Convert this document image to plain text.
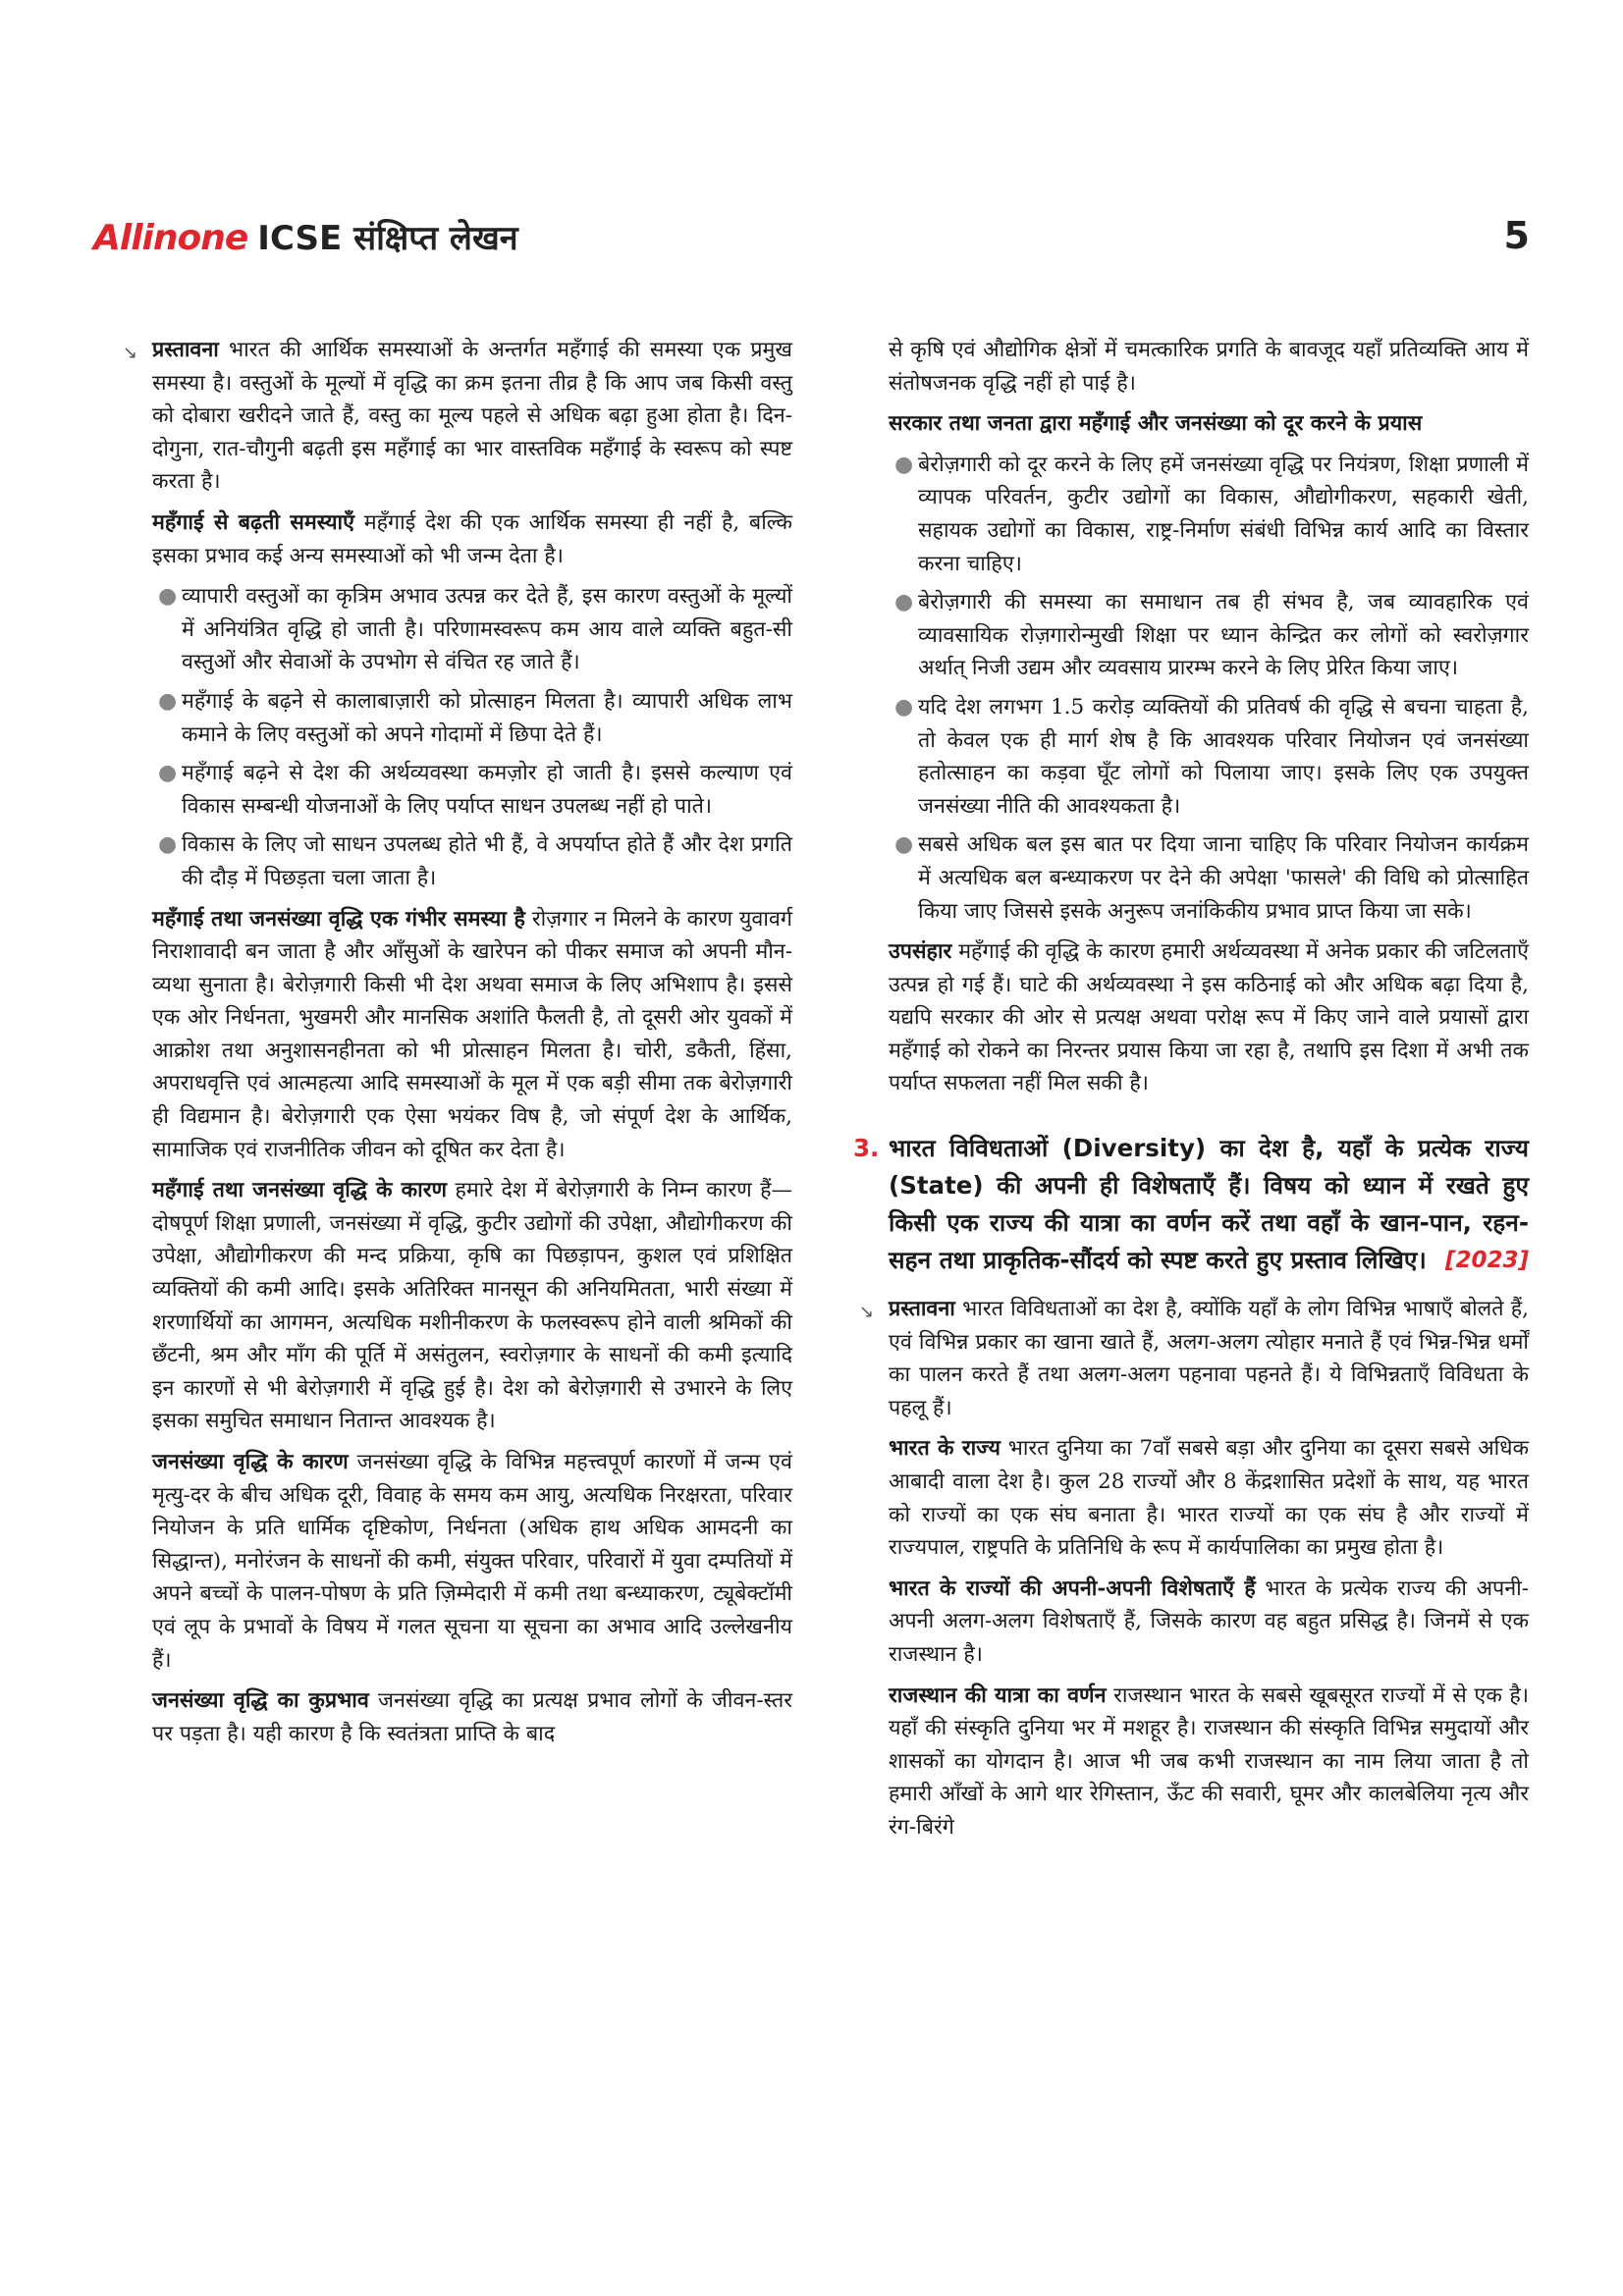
Allinone ICSE संक्षिप्त लेखन	5

↘ प्रस्तावना भारत की आर्थिक समस्याओं के अन्तर्गत महँगाई की समस्या एक प्रमुख समस्या है। वस्तुओं के मूल्यों में वृद्धि का क्रम इतना तीव्र है कि आप जब किसी वस्तु को दोबारा खरीदने जाते हैं, वस्तु का मूल्य पहले से अधिक बढ़ा हुआ होता है। दिन-दोगुना, रात-चौगुनी बढ़ती इस महँगाई का भार वास्तविक महँगाई के स्वरूप को स्पष्ट करता है।

महँगाई से बढ़ती समस्याएँ महँगाई देश की एक आर्थिक समस्या ही नहीं है, बल्कि इसका प्रभाव कई अन्य समस्याओं को भी जन्म देता है।

● व्यापारी वस्तुओं का कृत्रिम अभाव उत्पन्न कर देते हैं, इस कारण वस्तुओं के मूल्यों में अनियंत्रित वृद्धि हो जाती है। परिणामस्वरूप कम आय वाले व्यक्ति बहुत-सी वस्तुओं और सेवाओं के उपभोग से वंचित रह जाते हैं।
● महँगाई के बढ़ने से कालाबाज़ारी को प्रोत्साहन मिलता है। व्यापारी अधिक लाभ कमाने के लिए वस्तुओं को अपने गोदामों में छिपा देते हैं।
● महँगाई बढ़ने से देश की अर्थव्यवस्था कमज़ोर हो जाती है। इससे कल्याण एवं विकास सम्बन्धी योजनाओं के लिए पर्याप्त साधन उपलब्ध नहीं हो पाते।
● विकास के लिए जो साधन उपलब्ध होते भी हैं, वे अपर्याप्त होते हैं और देश प्रगति की दौड़ में पिछड़ता चला जाता है।

महँगाई तथा जनसंख्या वृद्धि एक गंभीर समस्या है रोज़गार न मिलने के कारण युवावर्ग निराशावादी बन जाता है और आँसुओं के खारेपन को पीकर समाज को अपनी मौन-व्यथा सुनाता है। बेरोज़गारी किसी भी देश अथवा समाज के लिए अभिशाप है। इससे एक ओर निर्धनता, भुखमरी और मानसिक अशांति फैलती है, तो दूसरी ओर युवकों में आक्रोश तथा अनुशासनहीनता को भी प्रोत्साहन मिलता है। चोरी, डकैती, हिंसा, अपराधवृत्ति एवं आत्महत्या आदि समस्याओं के मूल में एक बड़ी सीमा तक बेरोज़गारी ही विद्यमान है। बेरोज़गारी एक ऐसा भयंकर विष है, जो संपूर्ण देश के आर्थिक, सामाजिक एवं राजनीतिक जीवन को दूषित कर देता है।

महँगाई तथा जनसंख्या वृद्धि के कारण हमारे देश में बेरोज़गारी के निम्न कारण हैं—दोषपूर्ण शिक्षा प्रणाली, जनसंख्या में वृद्धि, कुटीर उद्योगों की उपेक्षा, औद्योगीकरण की उपेक्षा, औद्योगीकरण की मन्द प्रक्रिया, कृषि का पिछड़ापन, कुशल एवं प्रशिक्षित व्यक्तियों की कमी आदि। इसके अतिरिक्त मानसून की अनियमितता, भारी संख्या में शरणार्थियों का आगमन, अत्यधिक मशीनीकरण के फलस्वरूप होने वाली श्रमिकों की छँटनी, श्रम और माँग की पूर्ति में असंतुलन, स्वरोज़गार के साधनों की कमी इत्यादि इन कारणों से भी बेरोज़गारी में वृद्धि हुई है। देश को बेरोज़गारी से उभारने के लिए इसका समुचित समाधान नितान्त आवश्यक है।

जनसंख्या वृद्धि के कारण जनसंख्या वृद्धि के विभिन्न महत्त्वपूर्ण कारणों में जन्म एवं मृत्यु-दर के बीच अधिक दूरी, विवाह के समय कम आयु, अत्यधिक निरक्षरता, परिवार नियोजन के प्रति धार्मिक दृष्टिकोण, निर्धनता (अधिक हाथ अधिक आमदनी का सिद्धान्त), मनोरंजन के साधनों की कमी, संयुक्त परिवार, परिवारों में युवा दम्पतियों में अपने बच्चों के पालन-पोषण के प्रति ज़िम्मेदारी में कमी तथा बन्ध्याकरण, ट्यूबेक्टॉमी एवं लूप के प्रभावों के विषय में गलत सूचना या सूचना का अभाव आदि उल्लेखनीय हैं।

जनसंख्या वृद्धि का कुप्रभाव जनसंख्या वृद्धि का प्रत्यक्ष प्रभाव लोगों के जीवन-स्तर पर पड़ता है। यही कारण है कि स्वतंत्रता प्राप्ति के बाद

से कृषि एवं औद्योगिक क्षेत्रों में चमत्कारिक प्रगति के बावजूद यहाँ प्रतिव्यक्ति आय में संतोषजनक वृद्धि नहीं हो पाई है।

सरकार तथा जनता द्वारा महँगाई और जनसंख्या को दूर करने के प्रयास

● बेरोज़गारी को दूर करने के लिए हमें जनसंख्या वृद्धि पर नियंत्रण, शिक्षा प्रणाली में व्यापक परिवर्तन, कुटीर उद्योगों का विकास, औद्योगीकरण, सहकारी खेती, सहायक उद्योगों का विकास, राष्ट्र-निर्माण संबंधी विभिन्न कार्य आदि का विस्तार करना चाहिए।
● बेरोज़गारी की समस्या का समाधान तब ही संभव है, जब व्यावहारिक एवं व्यावसायिक रोज़गारोन्मुखी शिक्षा पर ध्यान केन्द्रित कर लोगों को स्वरोज़गार अर्थात् निजी उद्यम और व्यवसाय प्रारम्भ करने के लिए प्रेरित किया जाए।
● यदि देश लगभग 1.5 करोड़ व्यक्तियों की प्रतिवर्ष की वृद्धि से बचना चाहता है, तो केवल एक ही मार्ग शेष है कि आवश्यक परिवार नियोजन एवं जनसंख्या हतोत्साहन का कड़वा घूँट लोगों को पिलाया जाए। इसके लिए एक उपयुक्त जनसंख्या नीति की आवश्यकता है।
● सबसे अधिक बल इस बात पर दिया जाना चाहिए कि परिवार नियोजन कार्यक्रम में अत्यधिक बल बन्ध्याकरण पर देने की अपेक्षा 'फासले' की विधि को प्रोत्साहित किया जाए जिससे इसके अनुरूप जनांकिकीय प्रभाव प्राप्त किया जा सके।

उपसंहार महँगाई की वृद्धि के कारण हमारी अर्थव्यवस्था में अनेक प्रकार की जटिलताएँ उत्पन्न हो गई हैं। घाटे की अर्थव्यवस्था ने इस कठिनाई को और अधिक बढ़ा दिया है, यद्यपि सरकार की ओर से प्रत्यक्ष अथवा परोक्ष रूप में किए जाने वाले प्रयासों द्वारा महँगाई को रोकने का निरन्तर प्रयास किया जा रहा है, तथापि इस दिशा में अभी तक पर्याप्त सफलता नहीं मिल सकी है।

3. भारत विविधताओं (Diversity) का देश है, यहाँ के प्रत्येक राज्य (State) की अपनी ही विशेषताएँ हैं। विषय को ध्यान में रखते हुए किसी एक राज्य की यात्रा का वर्णन करें तथा वहाँ के खान-पान, रहन-सहन तथा प्राकृतिक-सौंदर्य को स्पष्ट करते हुए प्रस्ताव लिखिए। [2023]

↘ प्रस्तावना भारत विविधताओं का देश है, क्योंकि यहाँ के लोग विभिन्न भाषाएँ बोलते हैं, एवं विभिन्न प्रकार का खाना खाते हैं, अलग-अलग त्योहार मनाते हैं एवं भिन्न-भिन्न धर्मों का पालन करते हैं तथा अलग-अलग पहनावा पहनते हैं। ये विभिन्नताएँ विविधता के पहलू हैं।

भारत के राज्य भारत दुनिया का 7वाँ सबसे बड़ा और दुनिया का दूसरा सबसे अधिक आबादी वाला देश है। कुल 28 राज्यों और 8 केंद्रशासित प्रदेशों के साथ, यह भारत को राज्यों का एक संघ बनाता है। भारत राज्यों का एक संघ है और राज्यों में राज्यपाल, राष्ट्रपति के प्रतिनिधि के रूप में कार्यपालिका का प्रमुख होता है।

भारत के राज्यों की अपनी-अपनी विशेषताएँ हैं भारत के प्रत्येक राज्य की अपनी-अपनी अलग-अलग विशेषताएँ हैं, जिसके कारण वह बहुत प्रसिद्ध है। जिनमें से एक राजस्थान है।

राजस्थान की यात्रा का वर्णन राजस्थान भारत के सबसे खूबसूरत राज्यों में से एक है। यहाँ की संस्कृति दुनिया भर में मशहूर है। राजस्थान की संस्कृति विभिन्न समुदायों और शासकों का योगदान है। आज भी जब कभी राजस्थान का नाम लिया जाता है तो हमारी आँखों के आगे थार रेगिस्तान, ऊँट की सवारी, घूमर और कालबेलिया नृत्य और रंग-बिरंगे
